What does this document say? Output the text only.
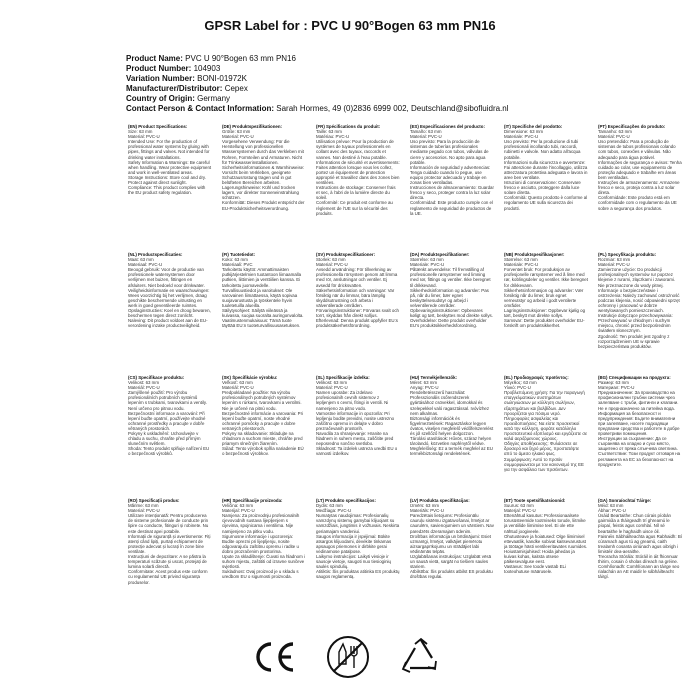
GPSR Label for : PVC U 90°Bogen 63 mm PN16
Product Name: PVC U 90°Bogen 63 mm PN16
Product Number: 104903
Variation Number: BONI-01972K
Manufacturer/Distributor: Cepex
Country of Origin: Germany
Contact Person & Contact Information: Sarah Hormes, 49 (0)2836 6999 002, Deutschland@sibofluidra.nl
(EN) Product Specifications:
Size: 63 mm
Material: PVC-U
Intended Use: For the production of professional water systems by gluing with pipes, fittings and valves. Not intended for drinking water installations.
Safety Information & Warnings: Be careful when handling. Wear protective equipment and work in well-ventilated areas.
Storage Instructions: Store cool and dry. Protect against direct sunlight.
Compliance: This product complies with the EU product safety regulation.
(DE) Produktspezifikationen:
Größe: 63 mm
Material: PVC-U
Vorgesehene Verwendung: Für die Herstellung von professionellen Wassersystemen durch das Verkleben mit Rohren, Formteilen und Armaturen. Nicht für Trinkwasserinstallationen.
Sicherheitsinformationen & Warnhinweise: Vorsicht beim Verkleben, geeignete Schutzausrüstung tragen und in gut belüfteten Bereichen arbeiten.
Lagerungshinweise: Kühl und trocken lagern, vor direkter Sonneneinstrahlung schützen.
Konformität: Dieses Produkt entspricht der EU-Produktsicherheitsverordnung.
(FR) Spécifications du produit:
Taille: 63 mm
Matériau: PVC-U
Utilisation prévue: Pour la production de systèmes de tuyaux professionnels en collant avec des tuyaux, raccords et vannes. Non destiné à l'eau potable.
Informations de sécurité et avertissements: Faites attention lorsque vous les collez, portez un équipement de protection approprié et travaillez dans des zones bien ventilées.
Instructions de stockage: Conserver frais et sec, à l'abri de la lumière directe du soleil.
Conformité: Ce produit est conforme au règlement de l'UE sur la sécurité des produits.
(ES) Especificaciones del producto:
Tamaño: 63 mm
Material: PVC-U
Uso previsto: Para la producción de sistemas de tuberías profesionales mediante pegado con tubos, válvulas de cierre y accesorios. No apto para agua potable.
Información de seguridad y advertencias: Tenga cuidado cuando lo pegue, use equipo protector adecuado y trabaje en zonas bien ventiladas.
Instrucciones de almacenamiento: Guardar fresco y seco, proteger contra la luz solar directa.
Conformidad: Este producto cumple con el reglamento de seguridad de productos de la UE.
(IT) Specifiche del prodotto:
Dimensione: 63 mm
Materiale: PVC-U
Uso previsto: Per la produzione di tubi professionali incollando tubi, raccordi, rubinetti e valvole. Non adatto all'acqua potabile.
Informazioni sulla sicurezza e avvertenze: Fai attenzione durante l'incollaggio, utilizza attrezzatura protettiva adeguata e lavora in aree ben ventilate.
Istruzioni di conservazione: Conservare fresco e asciutto, proteggere dalla luce solare diretta.
Conformità: Questo prodotto è conforme al regolamento UE sulla sicurezza dei prodotti.
(PT) Especificações do produto:
Tamanho: 63 mm
Material: PVC-U
Uso pretendido: Para a produção de sistemas de tubos profissionais colando com tubos, conexões e válvulas. Não adequado para água potável.
Informações de segurança e avisos: Tenha cuidado ao colar, use equipamento de proteção adequado e trabalhe em áreas bem ventiladas.
Instruções de armazenamento: Armazene fresco e seco, proteja contra a luz solar direta.
Conformidade: Este produto está em conformidade com o regulamento da UE sobre a segurança dos produtos.
(NL) Productspecificaties:
Maat: 63 mm
Materiaal: PVC-U
Beoogd gebruik: Voor de productie van professionele watersystemen door verlijmen met buizen, fittingen en afsluiters. Niet bedoeld voor drinkwater.
Veiligheidsinformatie en waarschuwingen: Wees voorzichtig bij het verlijmen, draag geschikte beschermende uitrusting en werk in goed geventileerde ruimtes.
Opslaginstructies: Koel en droog bewaren, beschermen tegen direct zonlicht.
Naleving: Dit product voldoet aan de EU-verordening inzake productveiligheid.
(FI) Tuotetiedot:
Koko: 63 mm
Materiaali: PVC
Tarkoitettu käyttö: Ammattimaisten putkijärjestelmien tuotantoon liimaamalla putkien, liittimien ja venttiilien kanssa. Ei tarkoitettu juomavedelle.
Turvallisuustiedot ja varoitukset: Ole varovainen liimattaessa, käytä sopivaa suojavarustusta ja työskentele hyvin tuuletetuilla alueilla.
Säilytysohjeet: Säilytä viileässä ja kuivassa, suojaa suoralta auringonvalolta.
Vaatimustenmukaisuus: Tämä tuote täyttää EU:n tuoteturvallisuusasetuksen.
(SV) Produktspecifikationer:
Storlek: 63 mm
Material: PVC-U
Avsedd användning: För tillverkning av professionella rörsystem genom att limma med rör, anslutningar och ventiler. Ej avsedd för dricksvatten.
Säkerhetsinformation och varningar: Var försiktig när du limmar, bära lämplig skyddsutrustning och arbeta i välventilerade områden.
Förvaringsinstruktioner: Förvaras svalt och torrt, skyddas från direkt solljus.
Efterlevnad: Denna produkt uppfyller EU:s produktsäkerhetsförordning.
(DA) Produktspecifikationer:
Størrelse: 63 mm
Materiale: PVC-U
Påtænkt anvendelse: Til fremstilling af professionelle rørsystemer ved limning med rør, fittings og ventiler. Ikke beregnet til drikkevand.
Sikkerhedsinformation og advarsler: Pas på, når du limer, bær egnet beskyttelsesudstyr og arbejd i velventilerede områder.
Opbevaringsinstruktioner: Opbevares køligt og tørt, beskyttes mod direkte sollys.
Overholdelse: Dette produkt overholder EU's produktsikkerhedsforordning.
(NB) Produktspesifikasjoner:
Størrelse: 63 mm
Materiale: PVC-U
Forventet bruk: For produksjon av profesjonelle rørsystemer ved å lime med rør, koblingsdeler og ventiler. Ikke beregnet for drikkevann.
Sikkerhetsinformasjon og advarsler: Vær forsiktig når du limer, bruk egnet verneutstyr og arbeid i godt ventilerte områder.
Lagringsinstruksjoner: Oppbevar kjølig og tørt, beskytt mot direkte sollys.
Samsvar: Dette produktet overholder EU-forskrift om produktsikkerhet.
(PL) Specyfikacja produktu:
Rozmiar: 63 mm
Materiał: PVC-U
Zamierzone użycie: Do produkcji profesjonalnych systemów rur poprzez klejenie z rurami, złączkami i zaworami. Nie przeznaczone do wody pitnej.
Informacje o bezpieczeństwie i ostrzeżenia: Należy zachować ostrożność podczas klejenia, nosić odpowiedni sprzęt ochronny i pracować w dobrze wentylowanych pomieszczeniach.
Instrukcje dotyczące przechowywania: Przechowywać w chłodnym i suchym miejscu, chronić przed bezpośrednim światłem słonecznym.
Zgodność: Ten produkt jest zgodny z rozporządzeniem UE w sprawie bezpieczeństwa produktów.
(CS) Specifikace produktu:
Velikost: 63 mm
Materiál: PVC-U
Zamýšlené použití: Pro výrobu profesionálních potrubních systémů lepením s trubkami, tvarovkami a ventily. Není určeno pro pitnou vodu.
Bezpečnostní informace a varování: Při lepení buďte opatrní, používejte vhodné ochranné prostředky a pracujte v dobře větraných prostorách.
Pokyny k uskladnění: Uchovávejte v chladu a suchu, chraňte před přímým slunečním světlem.
Shoda: Tento produkt splňuje nařízení EU o bezpečnosti výrobků.
(SK) Špecifikácie výrobku:
Veľkosť: 63 mm
Materiál: PVC-U
Predpokladané použitie: Na výrobu profesionálnych potrubných systémov lepením s rúrkami, tvarovkami a ventilmi. Nie je určené na pitnú vodu.
Bezpečnostné informácie a varovania: Pri lepení buďte opatrní, noste vhodné ochranné pomôcky a pracujte v dobre vetraných priestoroch.
Pokyny na skladovanie: Skladujte na chladnom a suchom mieste, chráňte pred priamym slnečným žiarením.
Súlad: Tento výrobok spĺňa nariadenie EÚ o bezpečnosti výrobkov.
(SL) Specifikacije izdelka:
Velikost: 63 mm
Material: PVC-U
Namen uporabe: Za izdelavo profesionalnih cevnih sistemov z lepljenjem s cevmi, fitingi in ventili. Ni namenjeno za pitno vodo.
Varnostne informacije in opozorila: Pri lepljenju bodite previdni, nosite ustrezno zaščitno opremo in delajte v dobro prezračevanih prostorih.
Navodila za shranjevanje: Hranite na hladnem in suhem mestu, zaščitite pred neposredno sončno svetlobo.
Skladnost: Ta izdelek ustreza uredbi EU o varnosti izdelkov.
(HU) Termékjellemzők:
Méret: 63 mm
Anyag: PVC-U
Rendeltetésszerű használat: Professzionális csőrendszerek gyártásához csövekkel, idomokkal és szelepekkel való ragasztással. Ivóvízhez nem alkalmas.
Biztonsági információk és figyelmeztetések: Ragasztáskor legyen óvatos, viseljen megfelelő védőfelszerelést és jól szellőző helyen dolgozzon.
Tárolási utasítások: Hűvös, száraz helyen tárolandó, közvetlen napfénytől védve.
Megfelelőség: Ez a termék megfelel az EU termékbiztonsági rendeletének.
(EL) Προδιαγραφές προϊόντος:
Μέγεθος: 63 mm
Υλικό: PVC-U
Προβλεπόμενη χρήση: Για την παραγωγή επαγγελματικών συστημάτων σωληνώσεων με κόλληση σωλήνων, εξαρτημάτων και βαλβίδων. Δεν προορίζεται για πόσιμο νερό.
Πληροφορίες ασφαλείας και προειδοποιήσεις: Να είστε προσεκτικοί κατά την κόλληση, φοράτε κατάλληλο προστατευτικό εξοπλισμό και εργάζεστε σε καλά αεριζόμενους χώρους.
Οδηγίες αποθήκευσης: Φυλάσσετε σε δροσερό και ξηρό μέρος, προστατέψτε από το άμεσο ηλιακό φως.
Συμμόρφωση: Αυτό το προϊόν συμμορφώνεται με τον κανονισμό της ΕΕ για την ασφάλεια των προϊόντων.
(BG) Спецификации на продукта:
Размер: 63 mm
Материал: PVC-U
Предназначение: За производство на професионални тръбни системи чрез залепване с тръби, фитинги и клапани. Не е предназначено за питейна вода.
Информация за безопасност и предупреждения: Бъдете внимателни при залепване, носете подходящи предпазни средства и работете в добре проветриви помещения.
Инструкции за съхранение: Да се съхранява на хладно и сухо място, защитено от пряка слънчева светлина.
Съответствие: Този продукт отговаря на регламента на ЕС за безопасност на продуктите.
(RO) Specificații produs:
Mărime: 63 mm
Material: PVC-U
Utilizare intenționată: Pentru producerea de sisteme profesionale de conducte prin lipire cu conducte, fitinguri și robinete. Nu este destinat apei potabile.
Informații de siguranță și avertismente: Fiți atenți când lipiți, purtați echipament de protecție adecvat și lucrați în zone bine ventilate.
Instrucțiuni de depozitare: A se păstra la temperaturi scăzute și uscat, protejați de lumina solară directă.
Conformitate: Acest produs este conform cu regulamentul UE privind siguranța produselor.
(HR) Specifikacije proizvoda:
Veličina: 63 mm
Materijal: PVC-U
Namjena: Za proizvodnju profesionalnih cjevovodnih sustava lijepljenjem s cijevima, spojnicama i ventilima. Nije namijenjeno za pitku vodu.
Sigurnosne informacije i upozorenja: Budite oprezni pri lijepljenju, nosite odgovarajuću zaštitnu opremu i radite u dobro prozračenim prostorima.
Upute za skladištenje: Čuvati na hladnom i suhom mjestu, zaštititi od izravne sunčeve svjetlosti.
Sukladnost: Ovaj proizvod je u skladu s uredbom EU o sigurnosti proizvoda.
(LT) Produkto specifikacijos:
Dydis: 63 mm
Medžiaga: PVC-U
Numatytas naudojimas: Profesionalių vamzdynų sistemų gamybai klijuojant su vamzdžiais, jungtimis ir vožtuvais. Neskirta geriamajam vandeniui.
Saugos informacija ir įspėjimai: Būkite atsargūs klijuodami, dėvėkite tinkamas apsaugos priemones ir dirbkite gerai vėdinamose patalpose.
Laikymo instrukcijos: Laikyti vėsioje ir sausoje vietoje, saugoti nuo tiesioginių saulės spindulių.
Atitiktis: Šis produktas atitinka ES produktų saugos reglamentą.
(LV) Produkta specifikācijas:
Izmērs: 63 mm
Materiāls: PVC-U
Paredzētais lietojums: Profesionālu cauruļu sistēmu izgatavošanai, līmējot ar caurulēm, savienojumiem un vārstiem. Nav paredzēts dzeramajam ūdenim.
Drošības informācija un brīdinājumi: Esiet uzmanīgi, līmējot, valkājiet piemērotu aizsargaprīkojumu un strādājiet labi vēdināmās telpās.
Uzglabāšanas instrukcijas: Uzglabāt vēsā un sausā vietā, sargāt no tiešiem saules stariem.
Atbilstība: Šis produkts atbilst ES produktu drošības regulai.
(ET) Toote spetsifikatsioonid:
Suurus: 63 mm
Materjal: PVC-U
Ettenähtud kasutus: Professionaalsete torusüsteemide tootmiseks torude, liitmike ja ventiilide liimimise teel. Ei ole ette nähtud joogiveele.
Ohutusteave ja hoiatused: Olge liimimisel ettevaatlik, kandke sobivat kaitsevarustust ja töötage hästi ventileeritavates ruumides.
Hoiustamisjuhised: Hoida jahedas ja kuivas kohas, kaitsta otsese päikesevalguse eest.
Vastavus: See toode vastab ELi tooteohutuse määrusele.
(GA) Sonraíochtaí Táirge:
Méid: 63 mm
Ábhar: PVC-U
Úsáid Beartaithe: Chun córais píobán gairmiúla a tháirgeadh trí ghreamú le píopaí, feistis agus comhlaí. Níl sé beartaithe le haghaidh uisce óil.
Faisnéis Sábháilteachta agus Rabhaidh: Bí cúramach agus tú ag greamú, caith trealamh cosanta oiriúnach agus oibrigh i limistéir dea-aeraithe.
Treoracha Stórála: Stóráil in áit fhionnuar thirim, cosain ó sholas díreach na gréine.
Comhlíonadh: Comhlíonann an táirge seo rialachán an AE maidir le sábháilteacht táirgí.
